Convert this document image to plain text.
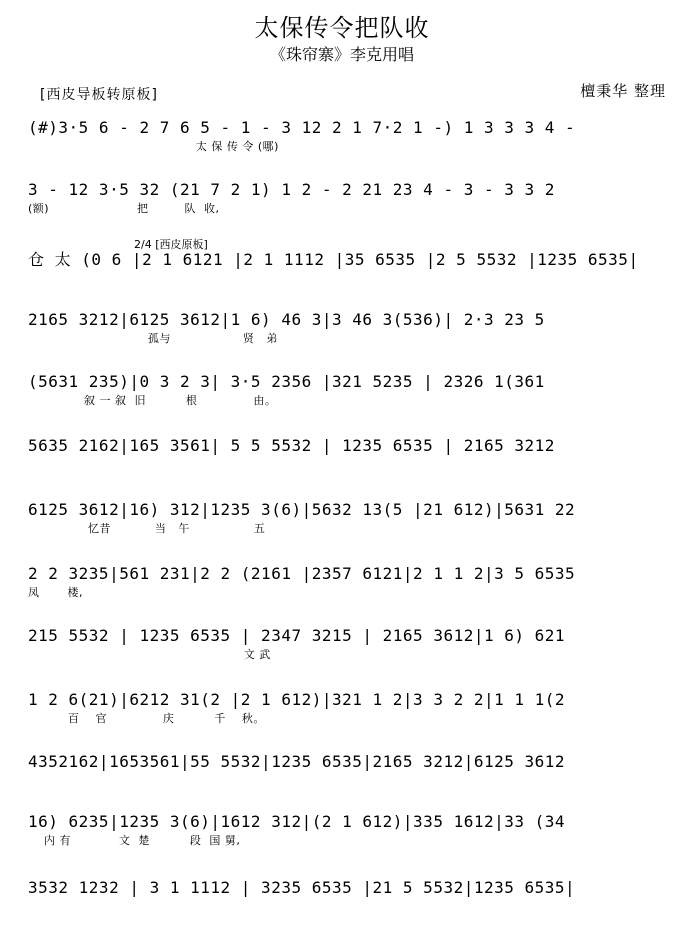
太保传令把队收
《珠帘寨》李克用唱
[西皮导板转原板]	檀秉华 整理
(#)3·5 6 - 2 7 6 5 - 1 - 3 12 2 1 7·2 1 -) 1 3 3 3 4 -
太 保 传 令 (哪)
3 - 12 3·5 32 (21 7 2 1) 1 2 - 2 21 23 4 - 3 - 3 3 2
(额)                      把         队  收,
2/4 [西皮原板]
仓 太 (0 6 |2 1 6121 |2 1 1112 |35 6535 |2 5 5532 |1235 6535|
2165 3212|6125 3612|1 6) 46 3|3 46 3(536)| 2·3 23 5
孤与                  贤   弟
(5631 235)|0 3 2 3| 3·5 2356 |321 5235 | 2326 1(361
叙 一 叙  旧          根              由。
5635 2162|165 3561| 5 5 5532 | 1235 6535 | 2165 3212
6125 3612|16) 312|1235 3(6)|5632 13(5 |21 612)|5631 22
忆昔           当   午                五
2 2 3235|561 231|2 2 (2161 |2357 6121|2 1 1 2|3 5 6535
凤       楼,
215 5532 | 1235 6535 | 2347 3215 | 2165 3612|1 6) 621
文 武
1 2 6(21)|6212 31(2 |2 1 612)|321 1 2|3 3 2 2|1 1 1(2
百    官              庆          千    秋。
4352162|1653561|55 5532|1235 6535|2165 3212|6125 3612
16) 6235|1235 3(6)|1612 312|(2 1 612)|335 1612|33 (34
内 有            文  楚          段  国 舅,
3532 1232 | 3 1 1112 | 3235 6535 |21 5 5532|1235 6535|
